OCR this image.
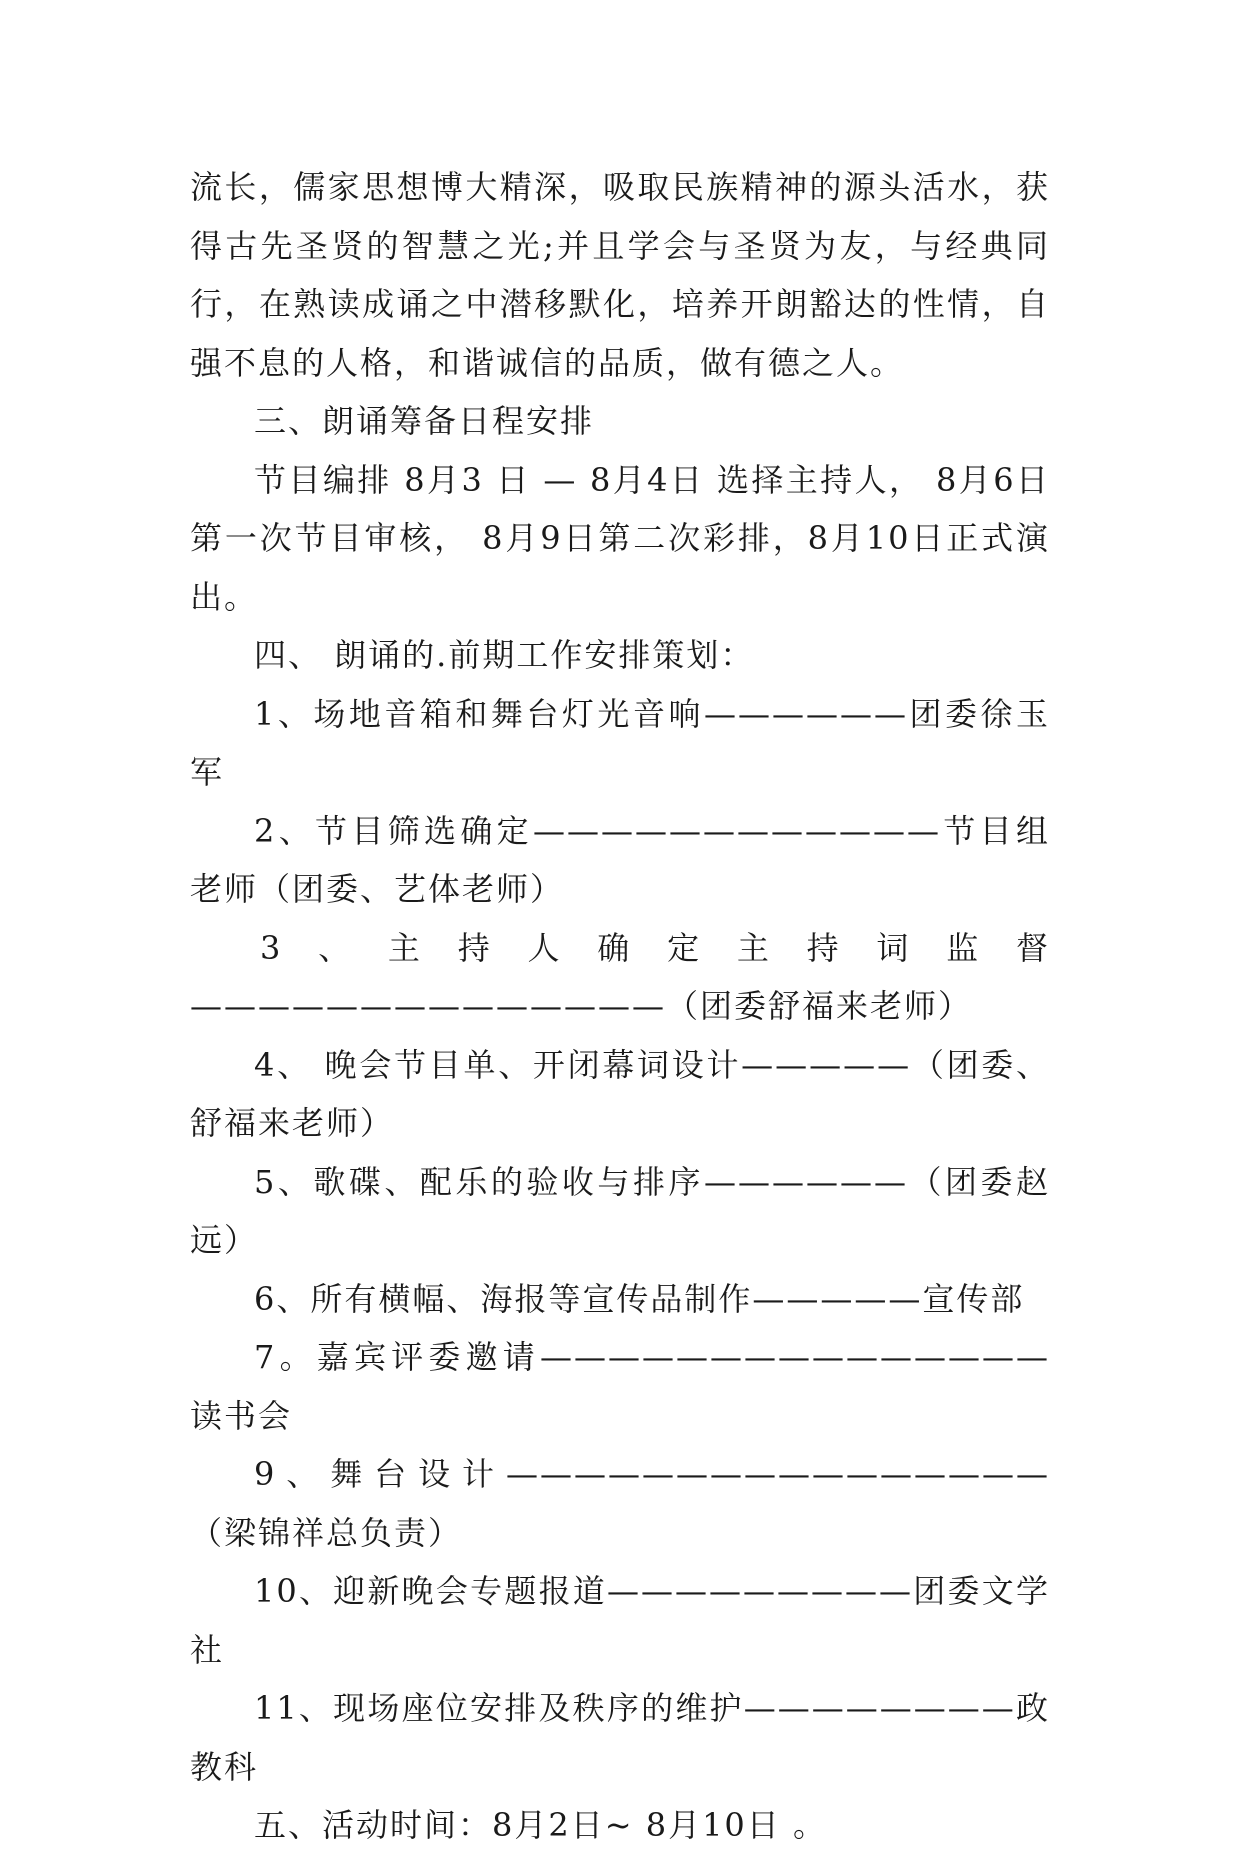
流长，儒家思想博大精深，吸取民族精神的源头活水，获得古先圣贤的智慧之光;并且学会与圣贤为友，与经典同行，在熟读成诵之中潜移默化，培养开朗豁达的性情，自强不息的人格，和谐诚信的品质，做有德之人。

三、朗诵筹备日程安排

节目编排 8月3 日 — 8月4日 选择主持人， 8月6日 第一次节目审核， 8月9日第二次彩排，8月10日正式演出。

四、 朗诵的.前期工作安排策划：

1、场地音箱和舞台灯光音响——————团委徐玉军

2、节目筛选确定————————————节目组老师（团委、艺体老师）

3、主持人确定主持词监督——————————————（团委舒福来老师）

4、 晚会节目单、开闭幕词设计—————（团委、舒福来老师）

5、歌碟、配乐的验收与排序——————（团委赵远）

6、所有横幅、海报等宣传品制作—————宣传部

7。嘉宾评委邀请———————————————读书会

9、舞台设计————————————————（梁锦祥总负责）

10、迎新晚会专题报道—————————团委文学社

11、现场座位安排及秩序的维护————————政教科

五、活动时间：8月2日~ 8月10日 。
